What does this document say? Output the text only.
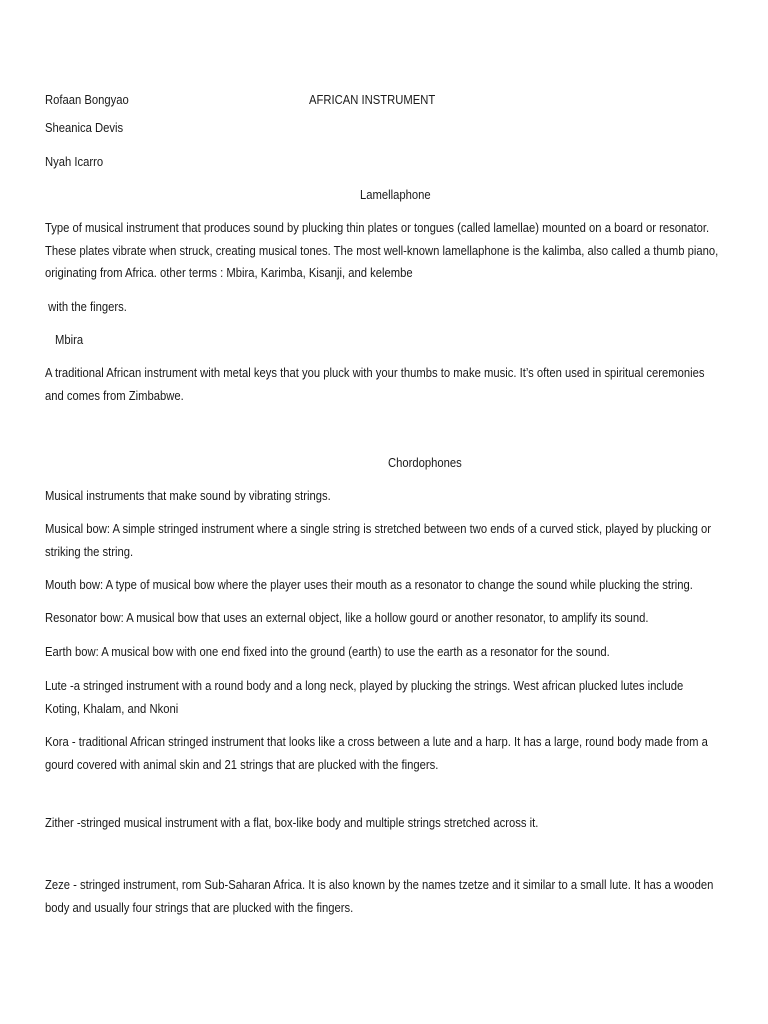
Rofaan Bongyao	AFRICAN INSTRUMENT
Sheanica Devis
Nyah Icarro
Lamellaphone
Type of musical instrument that produces sound by plucking thin plates or tongues (called lamellae) mounted on a board or resonator.
These plates vibrate when struck, creating musical tones. The most well-known lamellaphone is the kalimba, also called a thumb piano,
originating from Africa. other terms : Mbira, Karimba, Kisanji, and kelembe
with the fingers.
Mbira
A traditional African instrument with metal keys that you pluck with your thumbs to make music. It’s often used in spiritual ceremonies
and comes from Zimbabwe.
Chordophones
Musical instruments that make sound by vibrating strings.
Musical bow: A simple stringed instrument where a single string is stretched between two ends of a curved stick, played by plucking or
striking the string.
Mouth bow: A type of musical bow where the player uses their mouth as a resonator to change the sound while plucking the string.
Resonator bow: A musical bow that uses an external object, like a hollow gourd or another resonator, to amplify its sound.
Earth bow: A musical bow with one end fixed into the ground (earth) to use the earth as a resonator for the sound.
Lute -a stringed instrument with a round body and a long neck, played by plucking the strings. West african plucked lutes include
Koting, Khalam, and Nkoni
Kora - traditional African stringed instrument that looks like a cross between a lute and a harp. It has a large, round body made from a
gourd covered with animal skin and 21 strings that are plucked with the fingers.
Zither -stringed musical instrument with a flat, box-like body and multiple strings stretched across it.
Zeze - stringed instrument, rom Sub-Saharan Africa. It is also known by the names tzetze and it similar to a small lute. It has a wooden
body and usually four strings that are plucked with the fingers.
